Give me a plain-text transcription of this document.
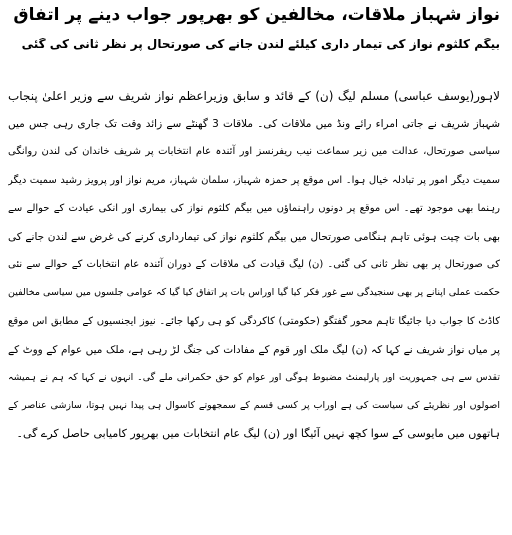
نواز شہباز ملاقات، مخالفین کو بھرپور جواب دینے پر اتفاق
بیگم کلثوم نواز کی تیمار داری کیلئے لندن جانے کی صورتحال پر نظر ثانی کی گئی
لاہور(یوسف عباسی) مسلم لیگ (ن) کے قائد و سابق وزیراعظم نواز شریف سے وزیر اعلیٰ پنجاب
شہباز شریف نے جاتی امراء رائے ونڈ میں ملاقات کی۔ ملاقات 3 گھنٹے سے زائد وقت تک جاری رہی جس میں
سیاسی صورتحال، عدالت میں زیر سماعت نیب ریفرنسز اور آئندہ عام انتخابات پر شریف خاندان کی لندن روانگی
سمیت دیگر امور پر تبادلہ خیال ہوا۔ اس موقع پر حمزہ شہباز، سلمان شہباز، مریم نواز اور پرویز رشید سمیت دیگر
رہنما بھی موجود تھے۔ اس موقع پر دونوں راہنماؤں میں بیگم کلثوم نواز کی بیماری اور انکی عیادت کے حوالے سے
بھی بات چیت ہوئی تاہم ہنگامی صورتحال میں بیگم کلثوم نواز کی تیمارداری کرنے کی غرض سے لندن جانے کی
کی صورتحال پر بھی نظر ثانی کی گئی۔ (ن) لیگ قیادت کی ملاقات کے دوران آئندہ عام انتخابات کے حوالے سے نئی
حکمت عملی اپنانے پر بھی سنجیدگی سے غور فکر کیا گیا اوراس بات پر اتفاق کیا گیا کہ عوامی جلسوں میں سیاسی مخالفین
کاڈٹ کا جواب دیا جائیگا تاہم محور گفتگو (حکومتی) کاکردگی کو ہی رکھا جائے۔ نیوز ایجنسیوں کے مطابق اس موقع
پر میاں نواز شریف نے کہا کہ (ن) لیگ ملک اور قوم کے مفادات کی جنگ لڑ رہی ہے، ملک میں عوام کے ووٹ کے
تقدس سے ہی جمہوریت اور پارلیمنٹ مضبوط ہوگی اور عوام کو حق حکمرانی ملے گی۔ انہوں نے کہا کہ ہم نے ہمیشہ
اصولوں اور نظریئے کی سیاست کی ہے اوراب پر کسی قسم کے سمجھوتے کاسوال ہی پیدا نہیں ہوتا، سازشی عناصر کے
ہاتھوں میں مایوسی کے سوا کچھ نہیں آئیگا اور (ن) لیگ عام انتخابات میں بھرپور کامیابی حاصل کرے گی۔
